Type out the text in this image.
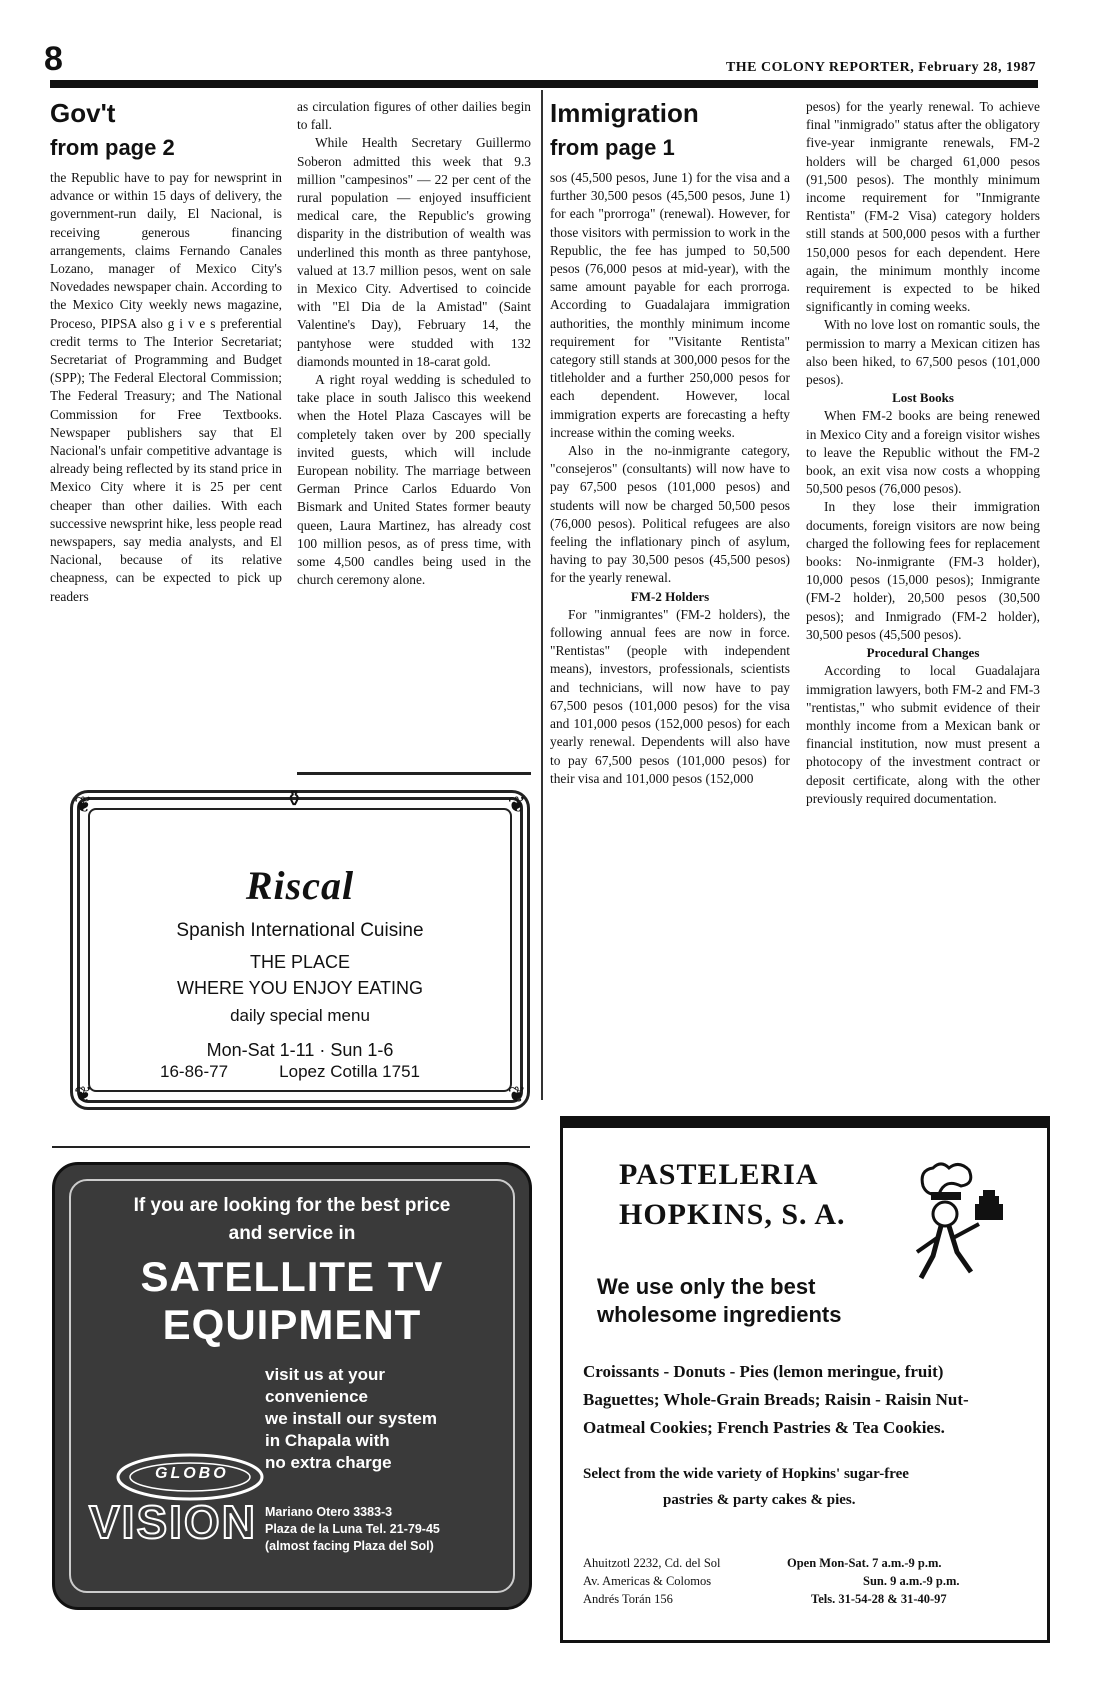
8	THE COLONY REPORTER, February 28, 1987
Gov't
from page 2

the Republic have to pay for newsprint in advance or within 15 days of delivery, the government-run daily, El Nacional, is receiving generous financing arrangements, claims Fernando Canales Lozano, manager of Mexico City's Novedades newspaper chain. According to the Mexico City weekly news magazine, Proceso, PIPSA also g i v e s preferential credit terms to The Interior Secretariat; Secretariat of Programming and Budget (SPP); The Federal Electoral Commission; The Federal Treasury; and The National Commission for Free Textbooks. Newspaper publishers say that El Nacional's unfair competitive advantage is already being reflected by its stand price in Mexico City where it is 25 per cent cheaper than other dailies. With each successive newsprint hike, less people read newspapers, say media analysts, and El Nacional, because of its relative cheapness, can be expected to pick up readers

as circulation figures of other dailies begin to fall.

While Health Secretary Guillermo Soberon admitted this week that 9.3 million "campesinos" — 22 per cent of the rural population — enjoyed insufficient medical care, the Republic's growing disparity in the distribution of wealth was underlined this month as three pantyhose, valued at 13.7 million pesos, went on sale in Mexico City. Advertised to coincide with "El Dia de la Amistad" (Saint Valentine's Day), February 14, the pantyhose were studded with 132 diamonds mounted in 18-carat gold.

A right royal wedding is scheduled to take place in south Jalisco this weekend when the Hotel Plaza Cascayes will be completely taken over by 200 specially invited guests, which will include European nobility. The marriage between German Prince Carlos Eduardo Von Bismark and United States former beauty queen, Laura Martinez, has already cost 100 million pesos, as of press time, with some 4,500 candles being used in the church ceremony alone.

Immigration
from page 1

sos (45,500 pesos, June 1) for the visa and a further 30,500 pesos (45,500 pesos, June 1) for each "prorroga" (renewal). However, for those visitors with permission to work in the Republic, the fee has jumped to 50,500 pesos (76,000 pesos at mid-year), with the same amount payable for each prorroga. According to Guadalajara immigration authorities, the monthly minimum income requirement for "Visitante Rentista" category still stands at 300,000 pesos for the titleholder and a further 250,000 pesos for each dependent. However, local immigration experts are forecasting a hefty increase within the coming weeks.

Also in the no-inmigrante category, "consejeros" (consultants) will now have to pay 67,500 pesos (101,000 pesos) and students will now be charged 50,500 pesos (76,000 pesos). Political refugees are also feeling the inflationary pinch of asylum, having to pay 30,500 pesos (45,500 pesos) for the yearly renewal.

FM-2 Holders

For "inmigrantes" (FM-2 holders), the following annual fees are now in force. "Rentistas" (people with independent means), investors, professionals, scientists and technicians, will now have to pay 67,500 pesos (101,000 pesos) for the visa and 101,000 pesos (152,000 pesos) for each yearly renewal. Dependents will also have to pay 67,500 pesos (101,000 pesos) for their visa and 101,000 pesos (152,000

pesos) for the yearly renewal. To achieve final "inmigrado" status after the obligatory five-year inmigrante renewals, FM-2 holders will be charged 61,000 pesos (91,500 pesos). The monthly minimum income requirement for "Inmigrante Rentista" (FM-2 Visa) category holders still stands at 500,000 pesos with a further 150,000 pesos for each dependent. Here again, the minimum monthly income requirement is expected to be hiked significantly in coming weeks.

With no love lost on romantic souls, the permission to marry a Mexican citizen has also been hiked, to 67,500 pesos (101,000 pesos).

Lost Books

When FM-2 books are being renewed in Mexico City and a foreign visitor wishes to leave the Republic without the FM-2 book, an exit visa now costs a whopping 50,500 pesos (76,000 pesos).

In they lose their immigration documents, foreign visitors are now being charged the following fees for replacement books: No-inmigrante (FM-3 holder), 10,000 pesos (15,000 pesos); Inmigrante (FM-2 holder), 20,500 pesos (30,500 pesos); and Inmigrado (FM-2 holder), 30,500 pesos (45,500 pesos).

Procedural Changes

According to local Guadalajara immigration lawyers, both FM-2 and FM-3 "rentistas," who submit evidence of their monthly income from a Mexican bank or financial institution, now must present a photocopy of the investment contract or deposit certificate, along with the other previously required documentation.

❦	❦
❦	❦
⚱
Riscal
Spanish International Cuisine
THE PLACE
WHERE YOU ENJOY EATING
daily special menu
Mon-Sat 1-11 · Sun 1-6
16-86-77	Lopez Cotilla 1751
If you are looking for the best price
and service in
SATELLITE TV
EQUIPMENT
visit us at your
convenience
we install our system
in Chapala with
no extra charge
GLOBO
VISION Mariano Otero 3383-3
Plaza de la Luna Tel. 21-79-45
(almost facing Plaza del Sol)
PASTELERIA
HOPKINS, S. A.
We use only the best
wholesome ingredients
Croissants - Donuts - Pies (lemon meringue, fruit)
Baguettes; Whole-Grain Breads; Raisin - Raisin Nut-
Oatmeal Cookies; French Pastries & Tea Cookies.
Select from the wide variety of Hopkins' sugar-free
pastries & party cakes & pies.
Ahuitzotl 2232, Cd. del Sol
Av. Americas & Colomos
Andrés Torán 156
Open Mon-Sat. 7 a.m.-9 p.m.
Sun. 9 a.m.-9 p.m.
Tels. 31-54-28 & 31-40-97
